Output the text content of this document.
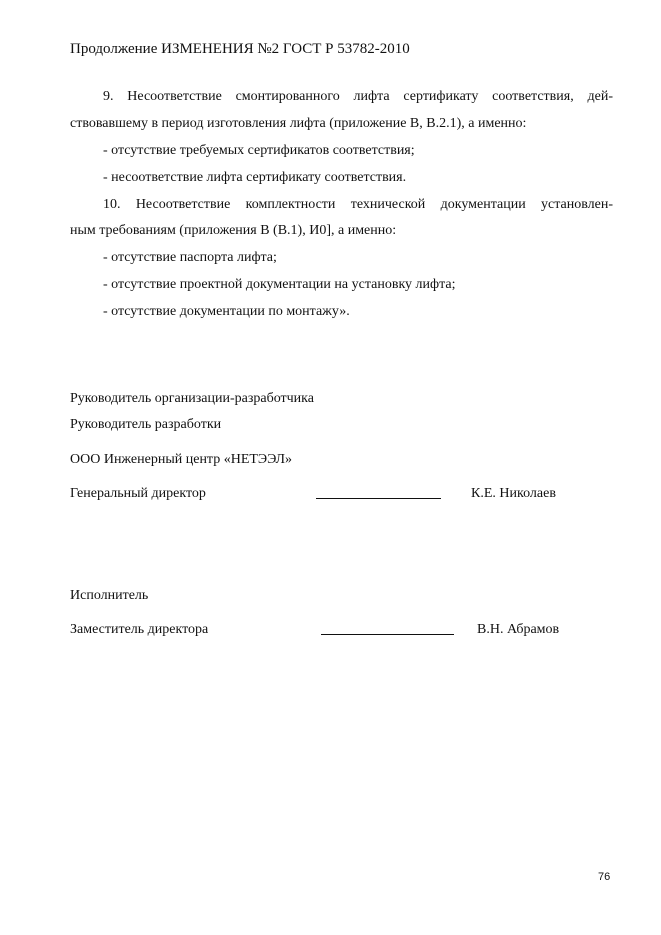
Продолжение ИЗМЕНЕНИЯ №2 ГОСТ Р 53782-2010
9. Несоответствие смонтированного лифта сертификату соответствия, дей-
ствовавшему в период изготовления лифта (приложение В, В.2.1), а именно:
- отсутствие требуемых сертификатов соответствия;
- несоответствие лифта сертификату соответствия.
10. Несоответствие комплектности технической документации установлен-
ным требованиям (приложения В (В.1), И0], а именно:
- отсутствие паспорта лифта;
- отсутствие проектной документации на установку лифта;
- отсутствие документации по монтажу».
Руководитель организации-разработчика
Руководитель разработки
ООО Инженерный центр «НЕТЭЭЛ»
Генеральный директор	К.Е. Николаев
Исполнитель
Заместитель директора	В.Н. Абрамов
76
